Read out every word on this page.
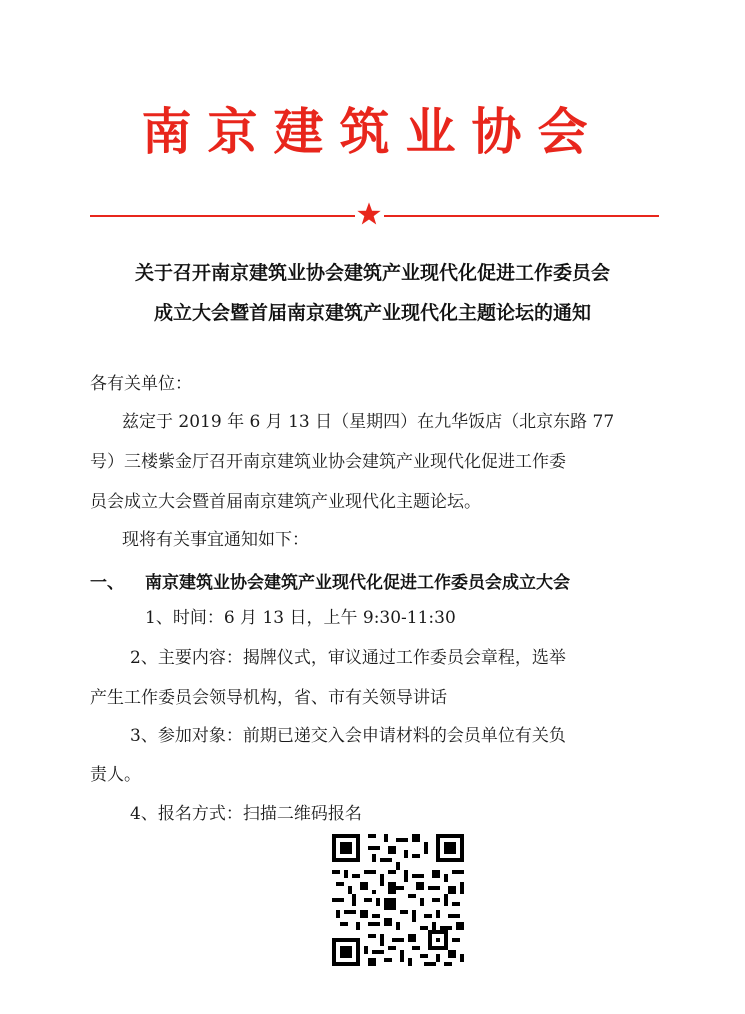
南京建筑业协会
关于召开南京建筑业协会建筑产业现代化促进工作委员会
成立大会暨首届南京建筑产业现代化主题论坛的通知
各有关单位：
兹定于 2019 年 6 月 13 日（星期四）在九华饭店（北京东路 77
号）三楼紫金厅召开南京建筑业协会建筑产业现代化促进工作委
员会成立大会暨首届南京建筑产业现代化主题论坛。
现将有关事宜通知如下：
一、 南京建筑业协会建筑产业现代化促进工作委员会成立大会
1、时间：6 月 13 日，上午 9:30-11:30
2、主要内容：揭牌仪式，审议通过工作委员会章程，选举
产生工作委员会领导机构，省、市有关领导讲话
3、参加对象：前期已递交入会申请材料的会员单位有关负
责人。
4、报名方式：扫描二维码报名
